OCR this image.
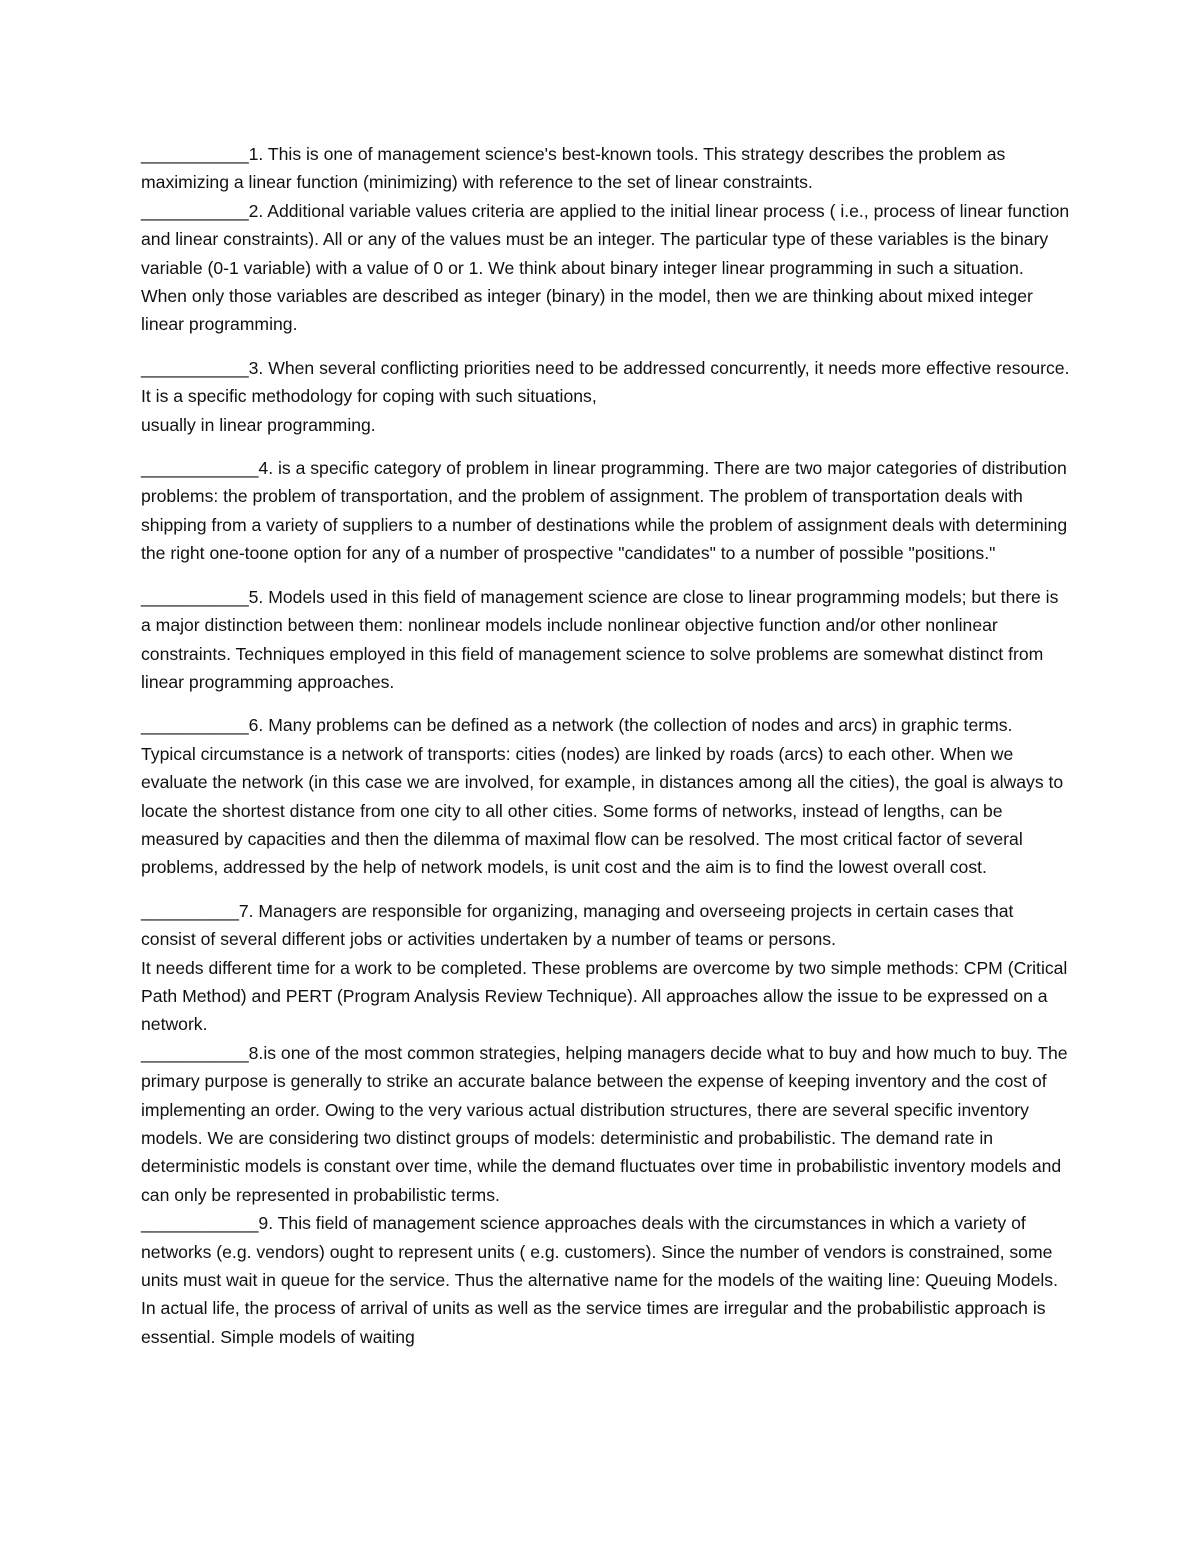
___________1. This is one of management science's best-known tools. This strategy describes the problem as maximizing a linear function (minimizing) with reference to the set of linear constraints.

___________2. Additional variable values criteria are applied to the initial linear process ( i.e., process of linear function and linear constraints). All or any of the values must be an integer. The particular type of these variables is the binary variable (0-1 variable) with a value of 0 or 1. We think about binary integer linear programming in such a situation. When only those variables are described as integer (binary) in the model, then we are thinking about mixed integer linear programming.

___________3. When several conflicting priorities need to be addressed concurrently, it needs more effective resource. It is a specific methodology for coping with such situations,
usually in linear programming.

____________4. is a specific category of problem in linear programming. There are two major categories of distribution problems: the problem of transportation, and the problem of assignment. The problem of transportation deals with shipping from a variety of suppliers to a number of destinations while the problem of assignment deals with determining the right one-toone option for any of a number of prospective "candidates" to a number of possible "positions."

___________5. Models used in this field of management science are close to linear programming models; but there is a major distinction between them: nonlinear models include nonlinear objective function and/or other nonlinear constraints. Techniques employed in this field of management science to solve problems are somewhat distinct from linear programming approaches.

___________6. Many problems can be defined as a network (the collection of nodes and arcs) in graphic terms. Typical circumstance is a network of transports: cities (nodes) are linked by roads (arcs) to each other. When we evaluate the network (in this case we are involved, for example, in distances among all the cities), the goal is always to locate the shortest distance from one city to all other cities. Some forms of networks, instead of lengths, can be measured by capacities and then the dilemma of maximal flow can be resolved. The most critical factor of several problems, addressed by the help of network models, is unit cost and the aim is to find the lowest overall cost.

__________7. Managers are responsible for organizing, managing and overseeing projects in certain cases that consist of several different jobs or activities undertaken by a number of teams or persons.
It needs different time for a work to be completed. These problems are overcome by two simple methods: CPM (Critical Path Method) and PERT (Program Analysis Review Technique). All approaches allow the issue to be expressed on a network.

___________8.is one of the most common strategies, helping managers decide what to buy and how much to buy. The primary purpose is generally to strike an accurate balance between the expense of keeping inventory and the cost of implementing an order. Owing to the very various actual distribution structures, there are several specific inventory models. We are considering two distinct groups of models: deterministic and probabilistic. The demand rate in deterministic models is constant over time, while the demand fluctuates over time in probabilistic inventory models and can only be represented in probabilistic terms.

____________9. This field of management science approaches deals with the circumstances in which a variety of networks (e.g. vendors) ought to represent units ( e.g. customers). Since the number of vendors is constrained, some units must wait in queue for the service. Thus the alternative name for the models of the waiting line: Queuing Models. In actual life, the process of arrival of units as well as the service times are irregular and the probabilistic approach is essential. Simple models of waiting
